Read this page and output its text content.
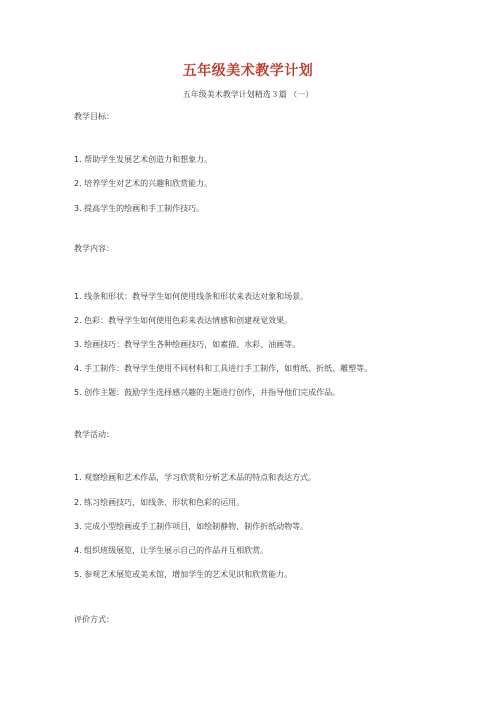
五年级美术教学计划
五年级美术教学计划精选３篇 （一）
教学目标：
1. 帮助学生发展艺术创造力和想象力。
2. 培养学生对艺术的兴趣和欣赏能力。
3. 提高学生的绘画和手工制作技巧。
教学内容：
1. 线条和形状：教导学生如何使用线条和形状来表达对象和场景。
2. 色彩：教导学生如何使用色彩来表达情感和创建视觉效果。
3. 绘画技巧：教导学生各种绘画技巧，如素描、水彩、油画等。
4. 手工制作：教导学生使用不同材料和工具进行手工制作，如剪纸、折纸、雕塑等。
5. 创作主题：鼓励学生选择感兴趣的主题进行创作，并指导他们完成作品。
教学活动：
1. 观察绘画和艺术作品，学习欣赏和分析艺术品的特点和表达方式。
2. 练习绘画技巧，如线条、形状和色彩的运用。
3. 完成小型绘画或手工制作项目，如绘制静物、制作折纸动物等。
4. 组织班级展览，让学生展示自己的作品并互相欣赏。
5. 参观艺术展览或美术馆，增加学生的艺术见识和欣赏能力。
评价方式：
